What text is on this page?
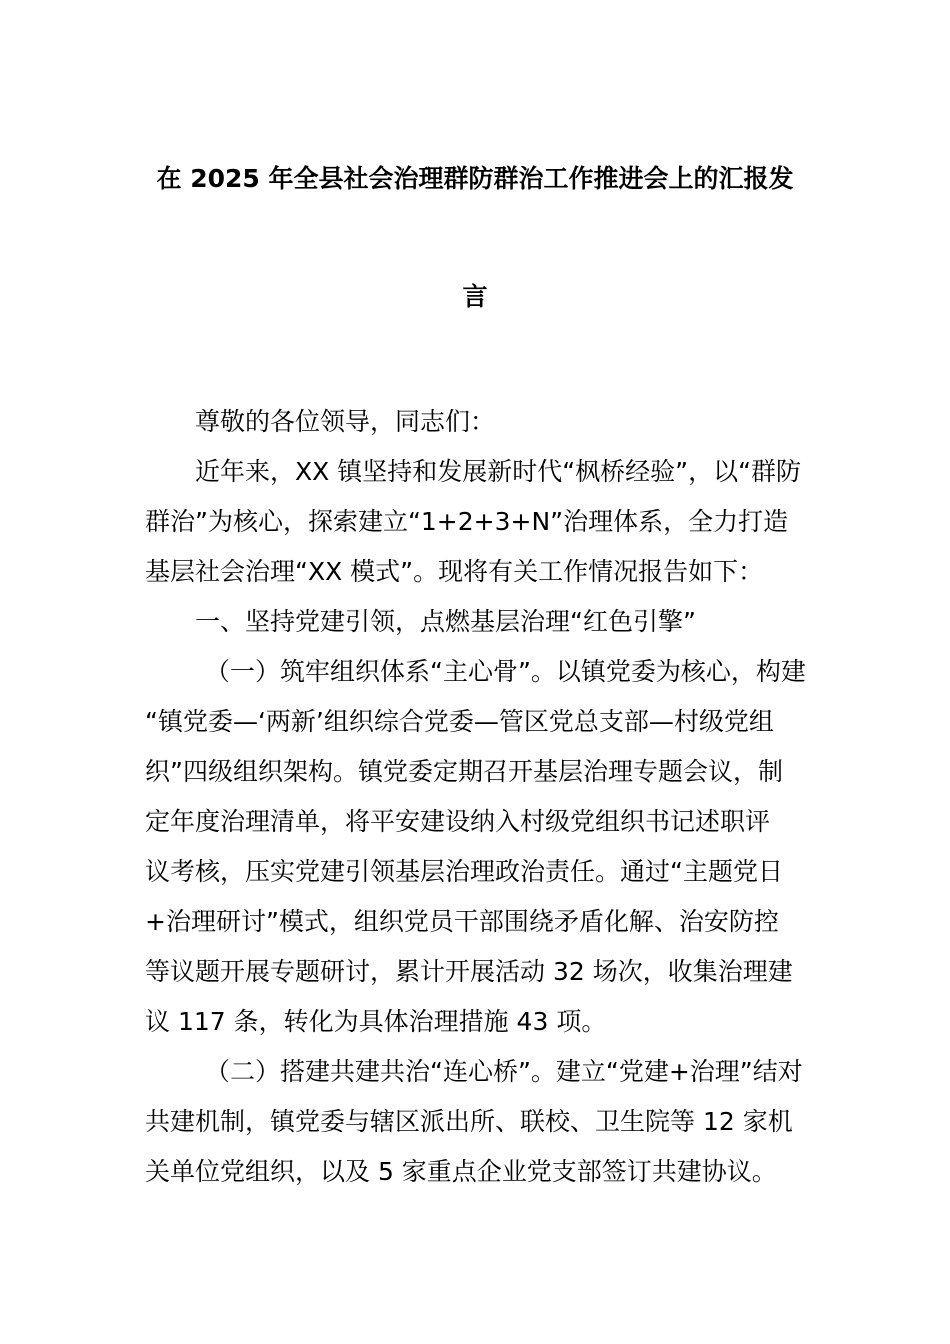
在 2025 年全县社会治理群防群治工作推进会上的汇报发
言
尊敬的各位领导，同志们：
近年来，XX 镇坚持和发展新时代“枫桥经验”，以“群防
群治”为核心，探索建立“1+2+3+N”治理体系，全力打造
基层社会治理“XX 模式”。现将有关工作情况报告如下：
一、坚持党建引领，点燃基层治理“红色引擎”
（一）筑牢组织体系“主心骨”。以镇党委为核心，构建
“镇党委—‘两新’组织综合党委—管区党总支部—村级党组
织”四级组织架构。镇党委定期召开基层治理专题会议，制
定年度治理清单，将平安建设纳入村级党组织书记述职评
议考核，压实党建引领基层治理政治责任。通过“主题党日
+治理研讨”模式，组织党员干部围绕矛盾化解、治安防控
等议题开展专题研讨，累计开展活动 32 场次，收集治理建
议 117 条，转化为具体治理措施 43 项。
（二）搭建共建共治“连心桥”。建立“党建+治理”结对
共建机制，镇党委与辖区派出所、联校、卫生院等 12 家机
关单位党组织，以及 5 家重点企业党支部签订共建协议。
